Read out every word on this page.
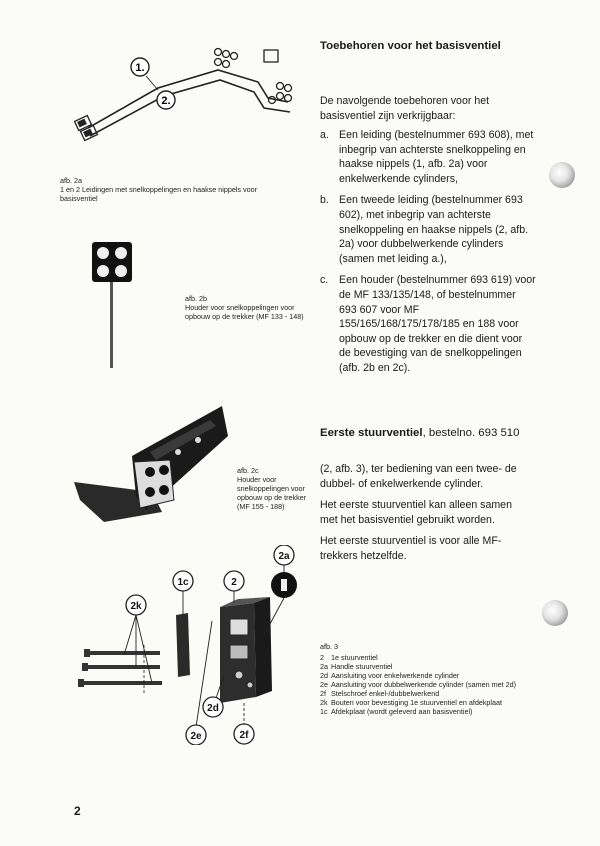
1.
2.
afb. 2a
1 en 2 Leidingen met snelkoppelingen en haakse nippels voor basisventiel
afb. 2b
Houder voor snelkoppelingen voor opbouw op de trekker (MF 133 - 148)
afb. 2c
Houder voor snelkoppelingen voor opbouw op de trekker (MF 155 - 188)
1c	2
2a
2k
2d
2e	2f
Toebehoren voor het basisventiel
De navolgende toebehoren voor het basisventiel zijn verkrijgbaar:
a. Een leiding (bestelnummer 693 608), met inbegrip van achterste snelkoppeling en haakse nippels (1, afb. 2a) voor enkelwerkende cylinders,
b. Een tweede leiding (bestelnummer 693 602), met inbegrip van achterste snelkoppeling en haakse nippels (2, afb. 2a) voor dubbelwerkende cylinders (samen met leiding a.),
c. Een houder (bestelnummer 693 619) voor de MF 133/135/148, of bestelnummer 693 607 voor MF 155/165/168/175/178/185 en 188 voor opbouw op de trekker en die dient voor de bevestiging van de snelkoppelingen (afb. 2b en 2c).
Eerste stuurventiel, bestelno. 693 510

(2, afb. 3), ter bediening van een twee- de dubbel- of enkelwerkende cylinder.

Het eerste stuurventiel kan alleen samen met het basisventiel gebruikt worden.

Het eerste stuurventiel is voor alle MF- trekkers hetzelfde.

afb. 3
2 1e stuurventiel
2a Handle stuurventiel
2d Aansluiting voor enkelwerkende cylinder
2e Aansluiting voor dubbelwerkende cylinder (samen met 2d)
2f Stelschroef enkel-/dubbelwerkend
2k Bouten voor bevestiging 1e stuurventiel en afdekplaat
1c Afdekplaat (wordt geleverd aan basisventiel)
2
